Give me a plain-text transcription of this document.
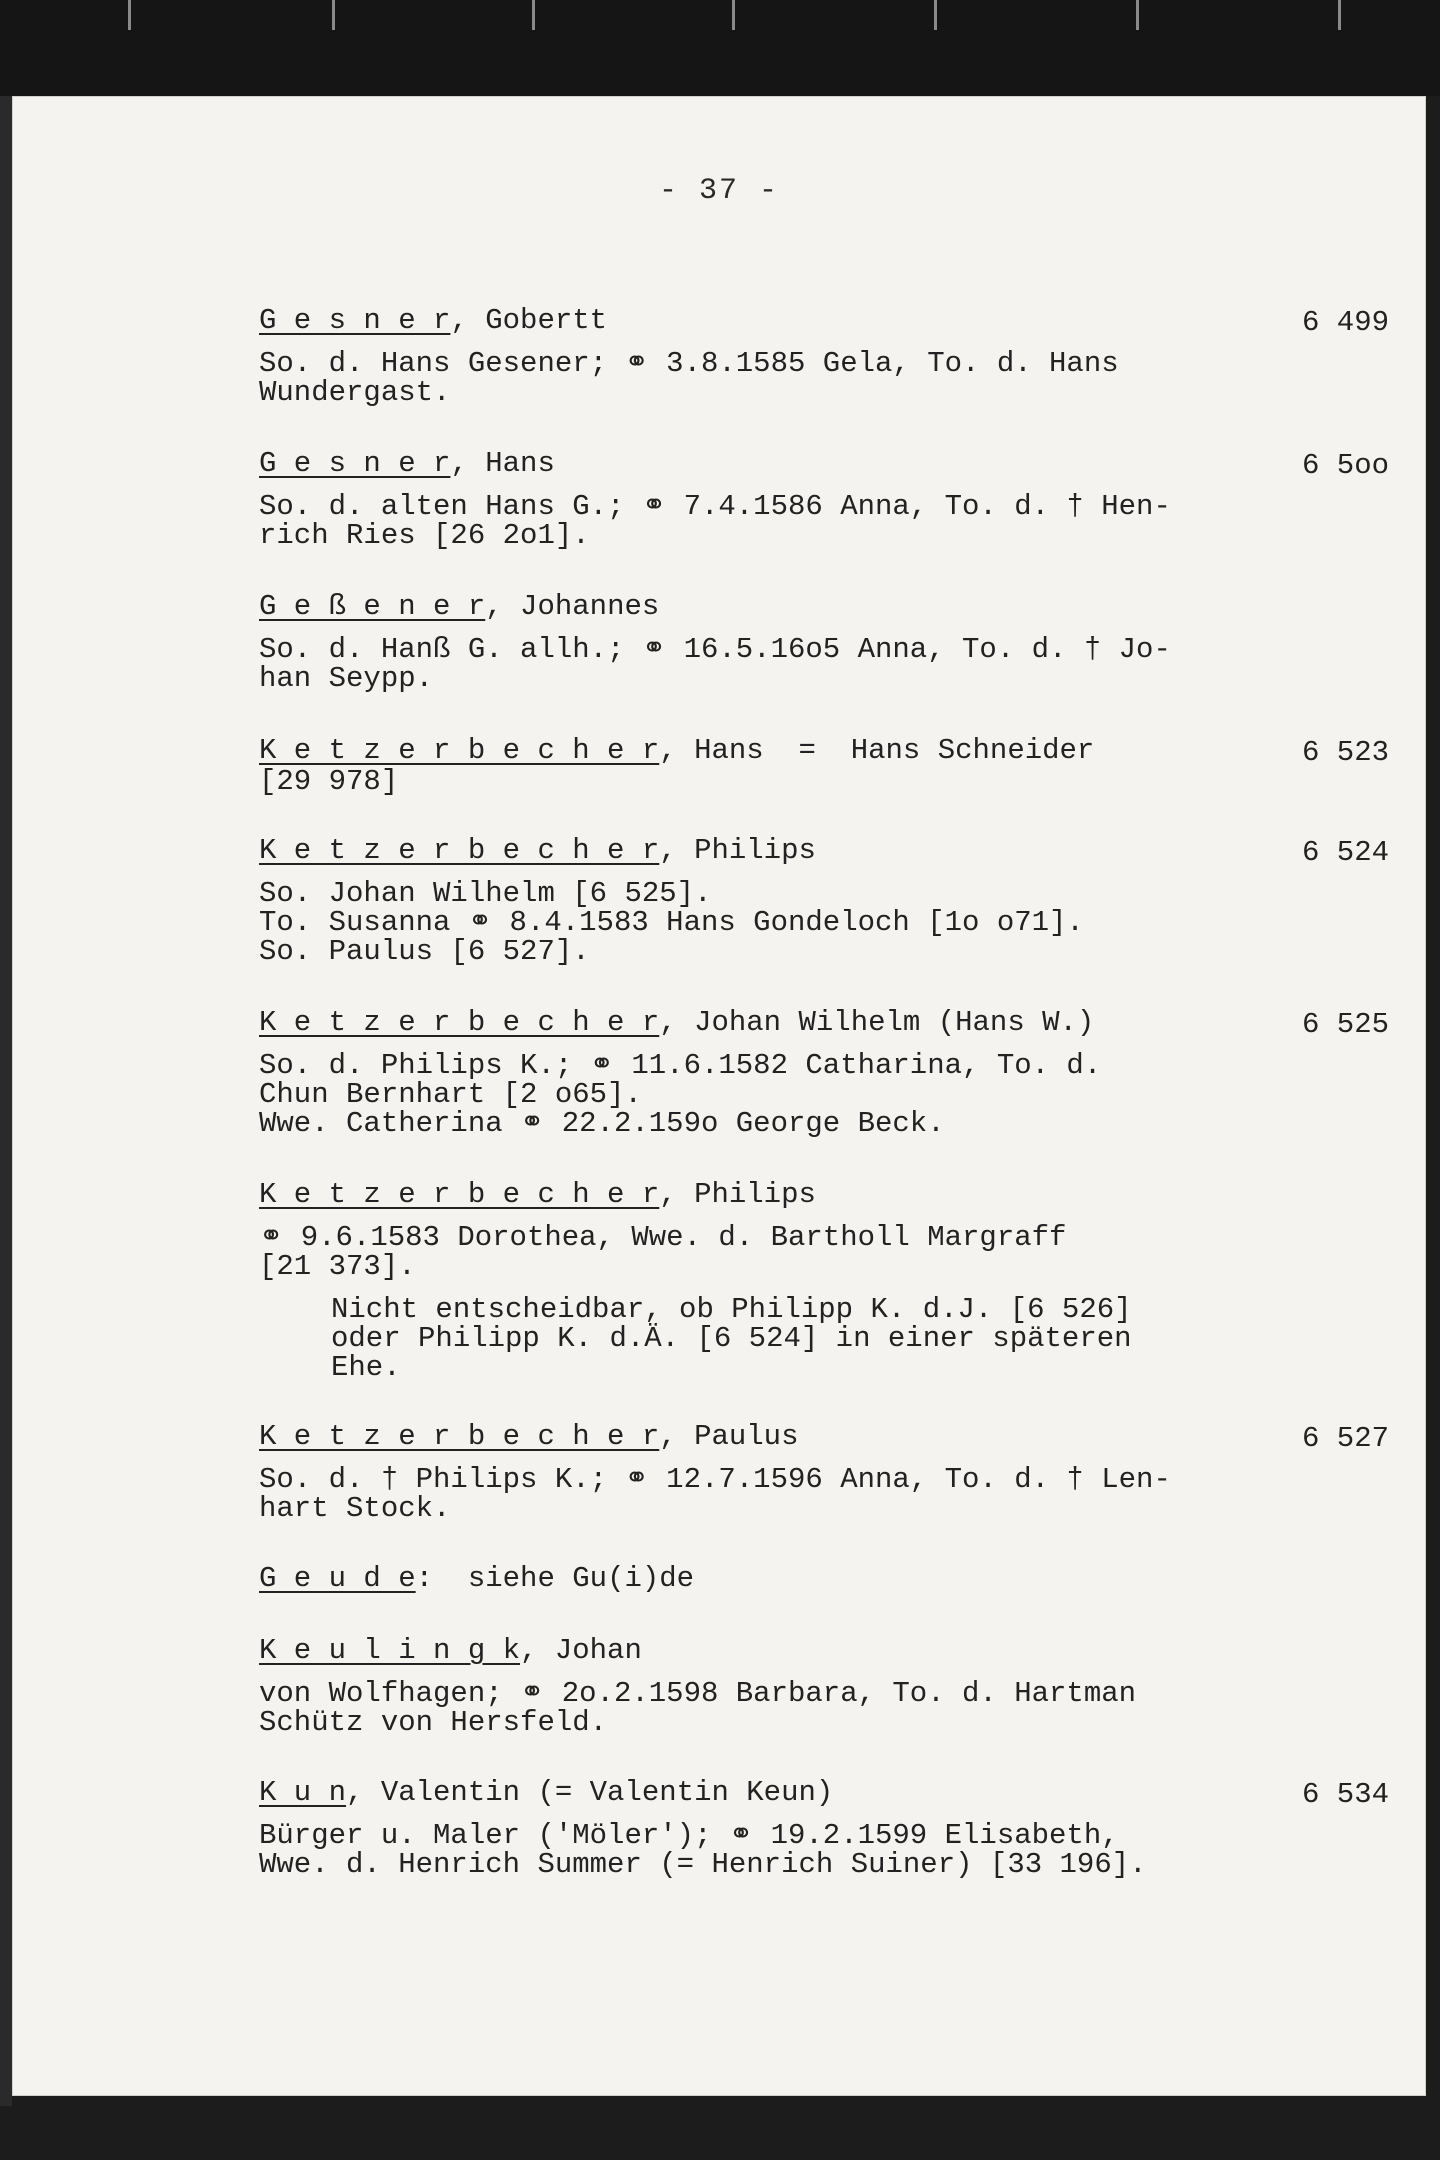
- 37 -
G e s n e r, Gobertt	6 499
So. d. Hans Gesener; ⚭ 3.8.1585 Gela, To. d. Hans
Wundergast.
G e s n e r, Hans	6 5oo
So. d. alten Hans G.; ⚭ 7.4.1586 Anna, To. d. † Hen-
rich Ries [26 2o1].
G e ß e n e r, Johannes
So. d. Hanß G. allh.; ⚭ 16.5.16o5 Anna, To. d. † Jo-
han Seypp.
K e t z e r b e c h e r, Hans  =  Hans Schneider	6 523
[29 978]
K e t z e r b e c h e r, Philips	6 524
So. Johan Wilhelm [6 525].
To. Susanna ⚭ 8.4.1583 Hans Gondeloch [1o o71].
So. Paulus [6 527].
K e t z e r b e c h e r, Johan Wilhelm (Hans W.)	6 525
So. d. Philips K.; ⚭ 11.6.1582 Catharina, To. d.
Chun Bernhart [2 o65].
Wwe. Catherina ⚭ 22.2.159o George Beck.
K e t z e r b e c h e r, Philips
⚭ 9.6.1583 Dorothea, Wwe. d. Bartholl Margraff
[21 373].
Nicht entscheidbar, ob Philipp K. d.J. [6 526]
oder Philipp K. d.Ä. [6 524] in einer späteren
Ehe.
K e t z e r b e c h e r, Paulus	6 527
So. d. † Philips K.; ⚭ 12.7.1596 Anna, To. d. † Len-
hart Stock.
G e u d e:  siehe Gu(i)de
K e u l i n g k, Johan
von Wolfhagen; ⚭ 2o.2.1598 Barbara, To. d. Hartman
Schütz von Hersfeld.
K u n, Valentin (= Valentin Keun)	6 534
Bürger u. Maler ('Möler'); ⚭ 19.2.1599 Elisabeth,
Wwe. d. Henrich Summer (= Henrich Suiner) [33 196].
